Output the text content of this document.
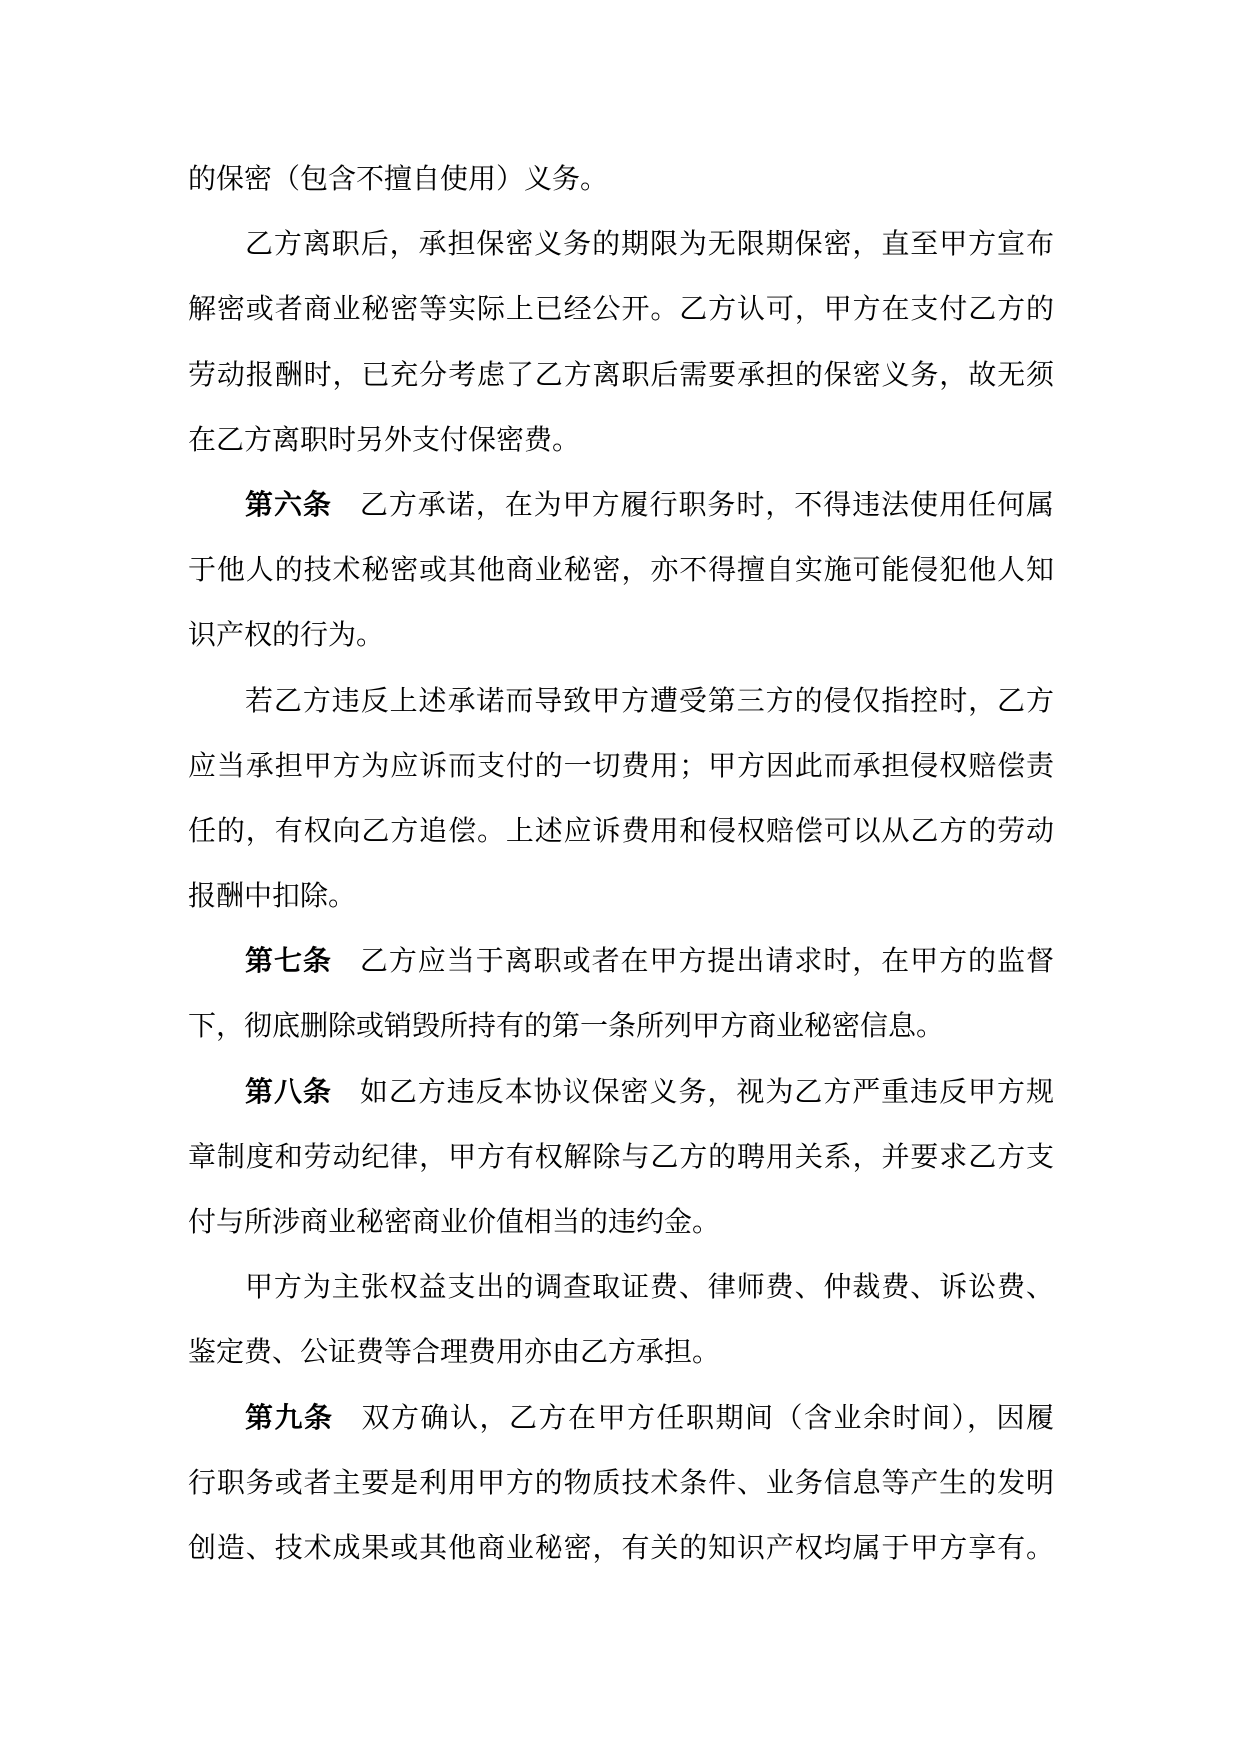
的保密（包含不擅自使用）义务。
乙方离职后，承担保密义务的期限为无限期保密，直至甲方宣布
解密或者商业秘密等实际上已经公开。乙方认可，甲方在支付乙方的
劳动报酬时，已充分考虑了乙方离职后需要承担的保密义务，故无须
在乙方离职时另外支付保密费。
第六条 乙方承诺，在为甲方履行职务时，不得违法使用任何属
于他人的技术秘密或其他商业秘密，亦不得擅自实施可能侵犯他人知
识产权的行为。
若乙方违反上述承诺而导致甲方遭受第三方的侵仅指控时，乙方
应当承担甲方为应诉而支付的一切费用；甲方因此而承担侵权赔偿责
任的，有权向乙方追偿。上述应诉费用和侵权赔偿可以从乙方的劳动
报酬中扣除。
第七条 乙方应当于离职或者在甲方提出请求时，在甲方的监督
下，彻底删除或销毁所持有的第一条所列甲方商业秘密信息。
第八条 如乙方违反本协议保密义务，视为乙方严重违反甲方规
章制度和劳动纪律，甲方有权解除与乙方的聘用关系，并要求乙方支
付与所涉商业秘密商业价值相当的违约金。
甲方为主张权益支出的调查取证费、律师费、仲裁费、诉讼费、
鉴定费、公证费等合理费用亦由乙方承担。
第九条 双方确认，乙方在甲方任职期间（含业余时间），因履
行职务或者主要是利用甲方的物质技术条件、业务信息等产生的发明
创造、技术成果或其他商业秘密，有关的知识产权均属于甲方享有。
